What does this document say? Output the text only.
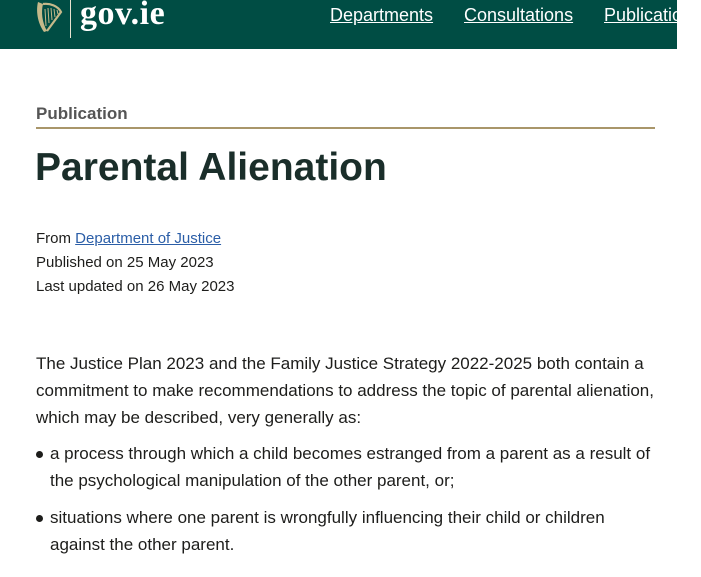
gov.ie	Departments Consultations Publications
Publication
Parental Alienation
From Department of Justice
Published on 25 May 2023
Last updated on 26 May 2023

The Justice Plan 2023 and the Family Justice Strategy 2022-2025 both contain a commitment to make recommendations to address the topic of parental alienation, which may be described, very generally as:

a process through which a child becomes estranged from a parent as a result of the psychological manipulation of the other parent, or;
situations where one parent is wrongfully influencing their child or children against the other parent.
